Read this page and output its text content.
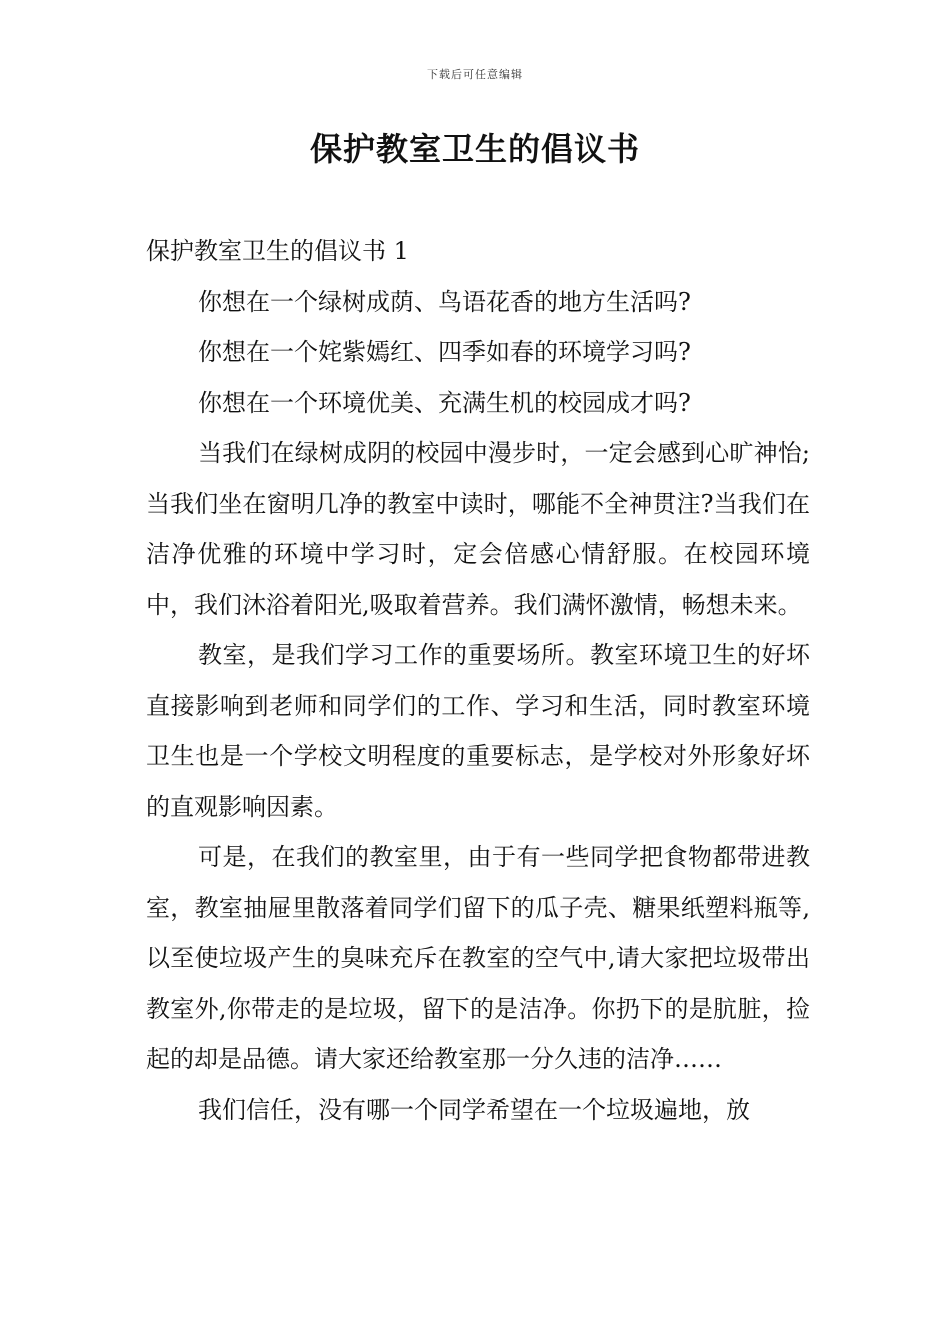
下载后可任意编辑
保护教室卫生的倡议书

保护教室卫生的倡议书 1

你想在一个绿树成荫、鸟语花香的地方生活吗?

你想在一个姹紫嫣红、四季如春的环境学习吗?

你想在一个环境优美、充满生机的校园成才吗?

当我们在绿树成阴的校园中漫步时，一定会感到心旷神怡;当我们坐在窗明几净的教室中读时，哪能不全神贯注?当我们在洁净优雅的环境中学习时，定会倍感心情舒服。在校园环境中，我们沐浴着阳光,吸取着营养。我们满怀激情，畅想未来。

教室，是我们学习工作的重要场所。教室环境卫生的好坏直接影响到老师和同学们的工作、学习和生活，同时教室环境卫生也是一个学校文明程度的重要标志，是学校对外形象好坏的直观影响因素。

可是，在我们的教室里，由于有一些同学把食物都带进教室，教室抽屉里散落着同学们留下的瓜子壳、糖果纸塑料瓶等,以至使垃圾产生的臭味充斥在教室的空气中,请大家把垃圾带出教室外,你带走的是垃圾，留下的是洁净。你扔下的是肮脏，捡起的却是品德。请大家还给教室那一分久违的洁净……

我们信任，没有哪一个同学希望在一个垃圾遍地，放
